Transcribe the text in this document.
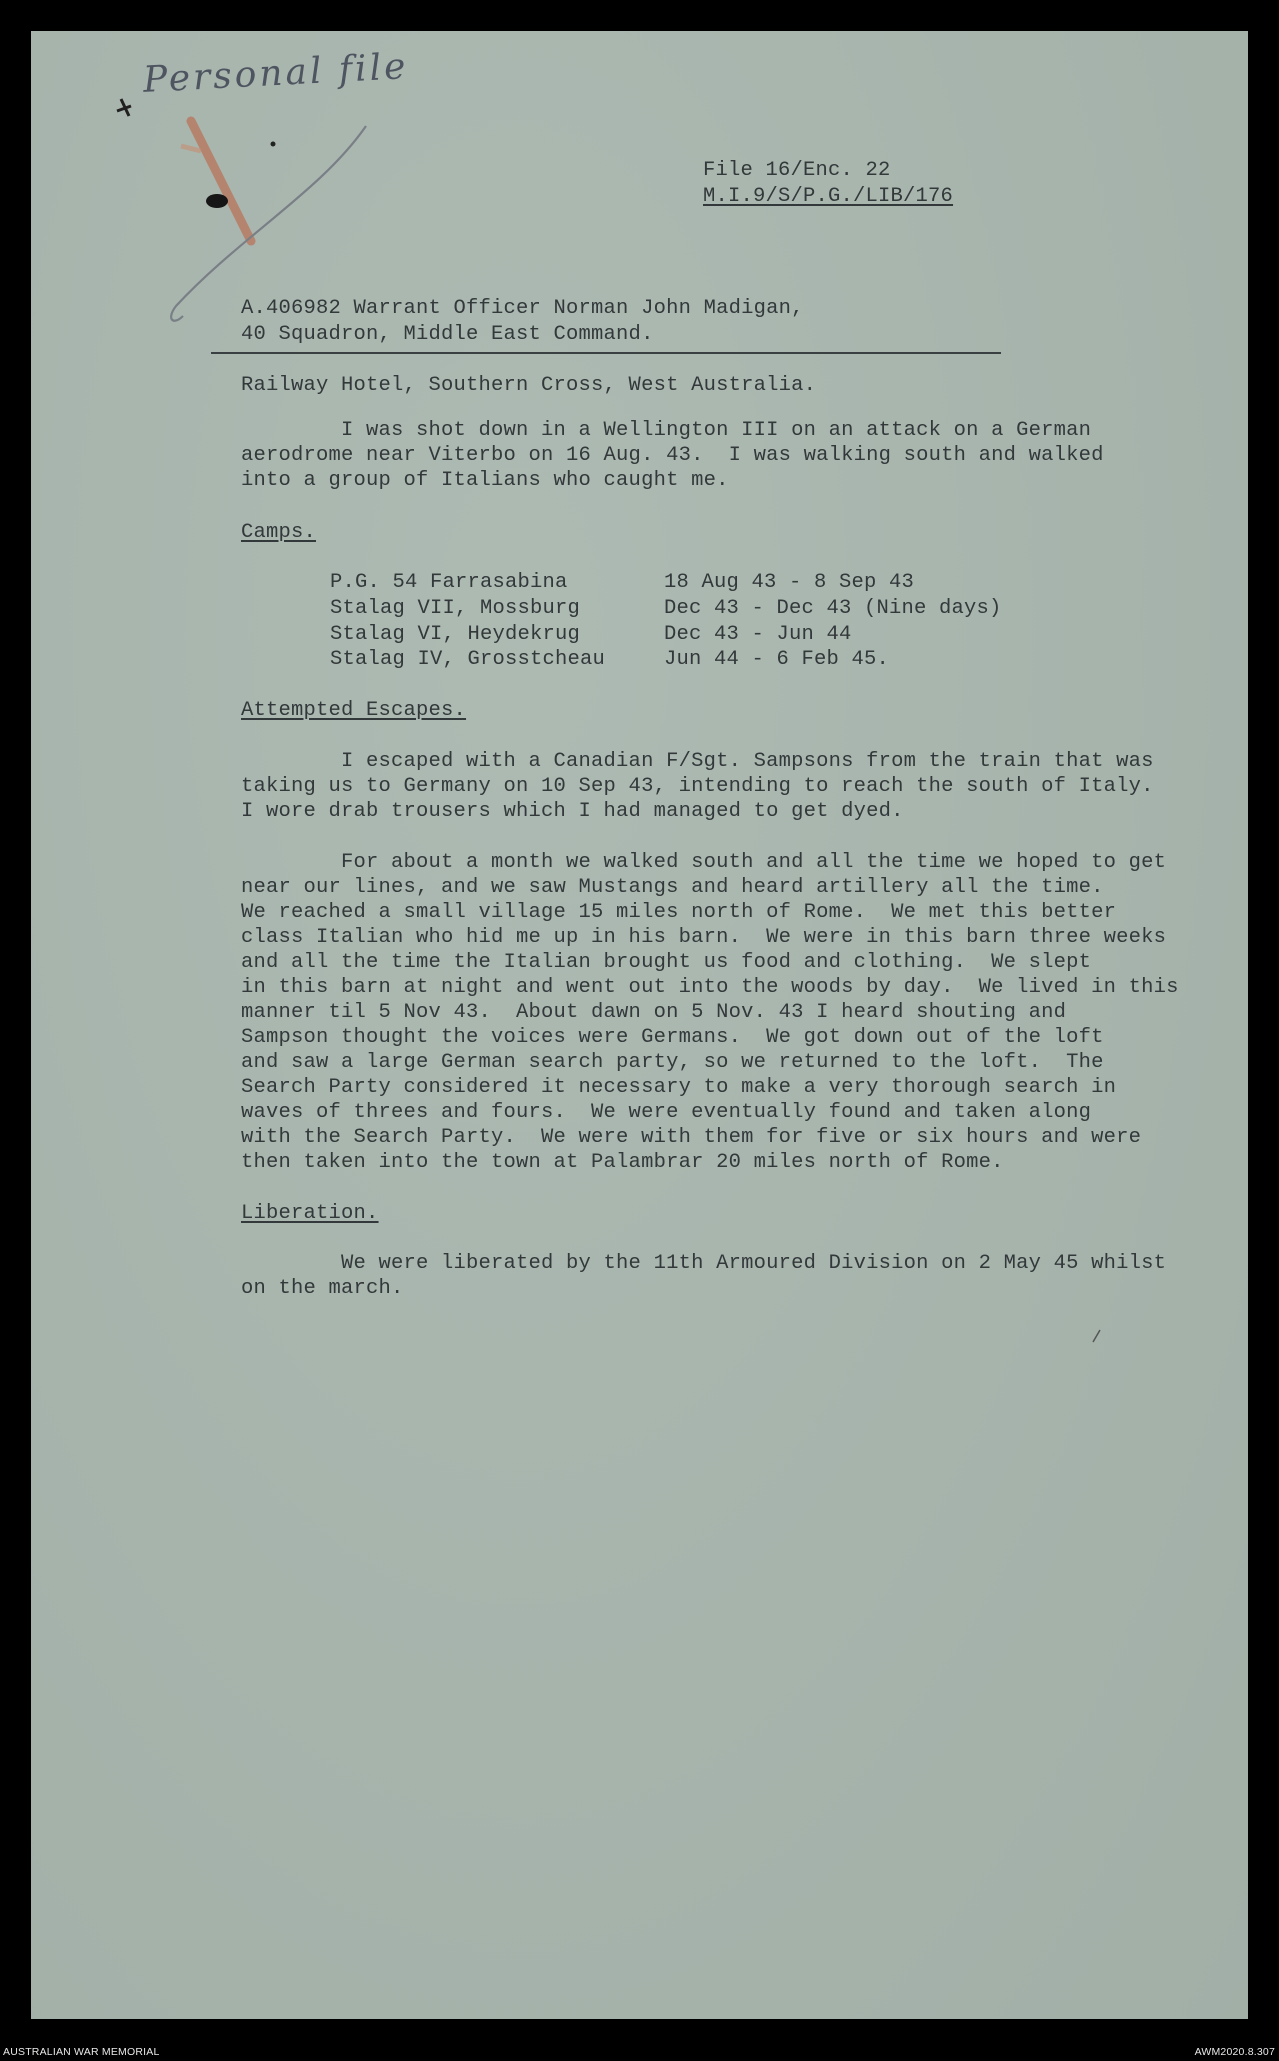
Personal file

File 16/Enc. 22

M.I.9/S/P.G./LIB/176

A.406982 Warrant Officer Norman John Madigan,

40 Squadron, Middle East Command.

Railway Hotel, Southern Cross, West Australia.

I was shot down in a Wellington III on an attack on a German

aerodrome near Viterbo on 16 Aug. 43.  I was walking south and walked

into a group of Italians who caught me.

Camps.

P.G. 54 Farrasabina	18 Aug 43 - 8 Sep 43
Stalag VII, Mossburg	Dec 43 - Dec 43 (Nine days)
Stalag VI, Heydekrug	Dec 43 - Jun 44
Stalag IV, Grosstcheau	Jun 44 - 6 Feb 45.

Attempted Escapes.

I escaped with a Canadian F/Sgt. Sampsons from the train that was

taking us to Germany on 10 Sep 43, intending to reach the south of Italy.

I wore drab trousers which I had managed to get dyed.

For about a month we walked south and all the time we hoped to get

near our lines, and we saw Mustangs and heard artillery all the time.

We reached a small village 15 miles north of Rome.  We met this better

class Italian who hid me up in his barn.  We were in this barn three weeks

and all the time the Italian brought us food and clothing.  We slept

in this barn at night and went out into the woods by day.  We lived in this

manner til 5 Nov 43.  About dawn on 5 Nov. 43 I heard shouting and

Sampson thought the voices were Germans.  We got down out of the loft

and saw a large German search party, so we returned to the loft.  The

Search Party considered it necessary to make a very thorough search in

waves of threes and fours.  We were eventually found and taken along

with the Search Party.  We were with them for five or six hours and were

then taken into the town at Palambrar 20 miles north of Rome.

Liberation.

We were liberated by the 11th Armoured Division on 2 May 45 whilst

on the march.

AUSTRALIAN WAR MEMORIAL	AWM2020.8.307
